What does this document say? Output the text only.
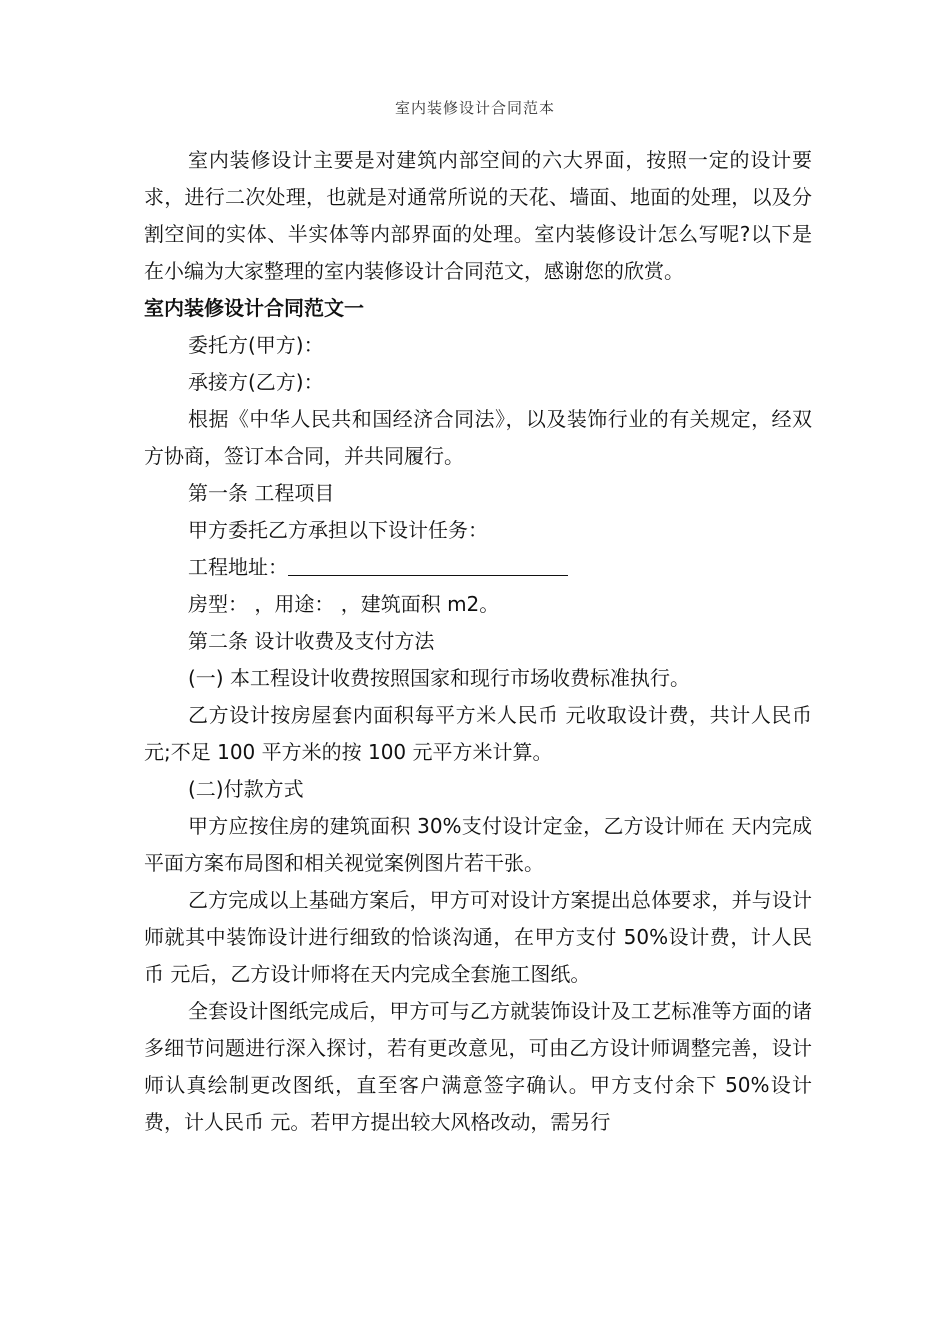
室内装修设计合同范本

室内装修设计主要是对建筑内部空间的六大界面，按照一定的设计要求，进行二次处理，也就是对通常所说的天花、墙面、地面的处理，以及分割空间的实体、半实体等内部界面的处理。室内装修设计怎么写呢?以下是在小编为大家整理的室内装修设计合同范文，感谢您的欣赏。

室内装修设计合同范文一

委托方(甲方)：

承接方(乙方)：

根据《中华人民共和国经济合同法》，以及装饰行业的有关规定，经双方协商，签订本合同，并共同履行。

第一条 工程项目

甲方委托乙方承担以下设计任务：

工程地址：

房型： ，用途： ，建筑面积 m2。

第二条 设计收费及支付方法

(一) 本工程设计收费按照国家和现行市场收费标准执行。

乙方设计按房屋套内面积每平方米人民币 元收取设计费，共计人民币元;不足 100 平方米的按 100 元平方米计算。

(二)付款方式

甲方应按住房的建筑面积 30%支付设计定金，乙方设计师在 天内完成平面方案布局图和相关视觉案例图片若干张。

乙方完成以上基础方案后，甲方可对设计方案提出总体要求，并与设计师就其中装饰设计进行细致的恰谈沟通，在甲方支付 50%设计费，计人民币 元后，乙方设计师将在天内完成全套施工图纸。

全套设计图纸完成后，甲方可与乙方就装饰设计及工艺标准等方面的诸多细节问题进行深入探讨，若有更改意见，可由乙方设计师调整完善，设计师认真绘制更改图纸，直至客户满意签字确认。甲方支付余下 50%设计费，计人民币 元。若甲方提出较大风格改动，需另行
